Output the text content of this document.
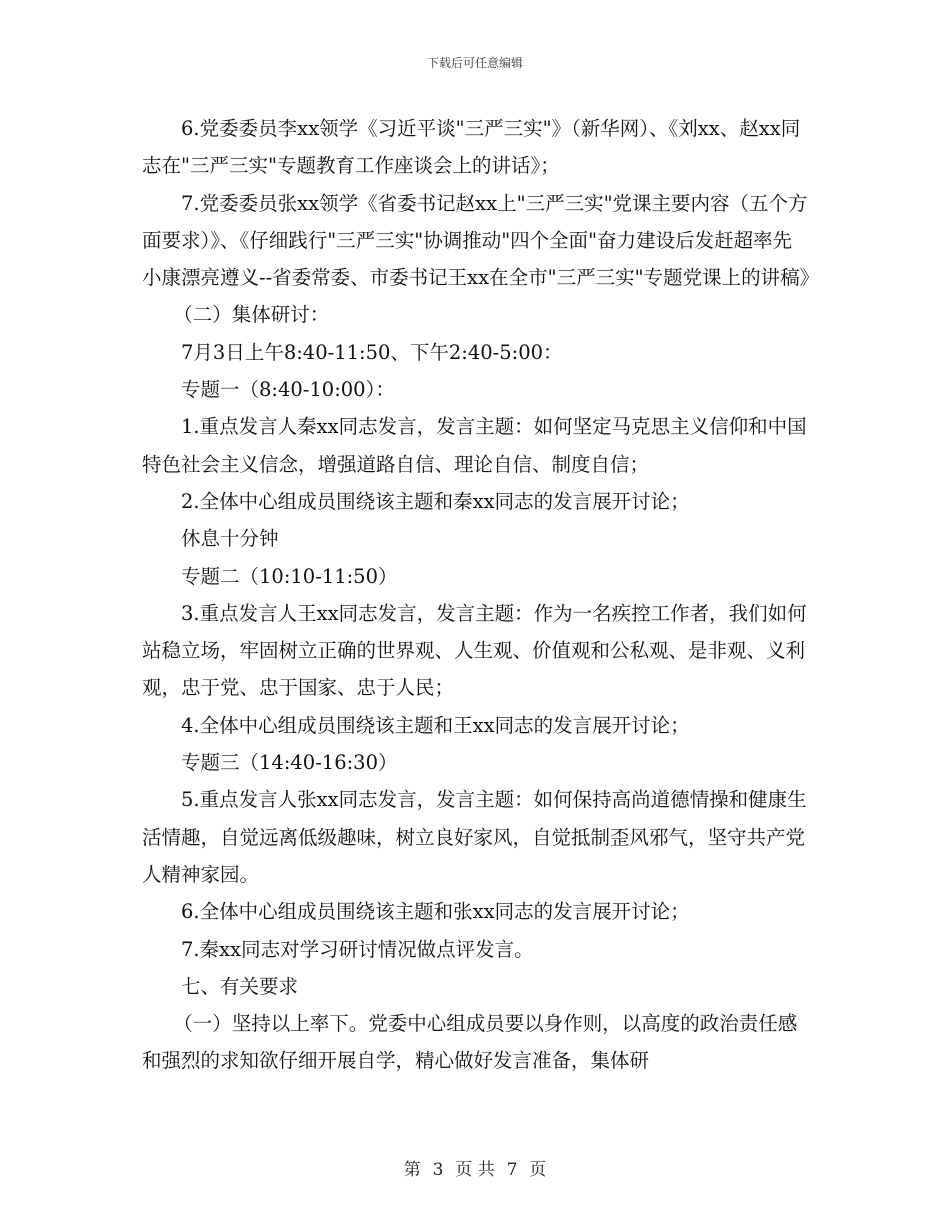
下载后可任意编辑

6.党委委员李xx领学《习近平谈"三严三实"》（新华网）、《刘xx、赵xx同志在"三严三实"专题教育工作座谈会上的讲话》；

7.党委委员张xx领学《省委书记赵xx上"三严三实"党课主要内容（五个方面要求）》、《仔细践行"三严三实"协调推动"四个全面"奋力建设后发赶超率先小康漂亮遵义--省委常委、市委书记王xx在全市"三严三实"专题党课上的讲稿》

（二）集体研讨：

7月3日上午8:40-11:50、下午2:40-5:00：

专题一（8:40-10:00）：

1.重点发言人秦xx同志发言，发言主题：如何坚定马克思主义信仰和中国特色社会主义信念，增强道路自信、理论自信、制度自信；

2.全体中心组成员围绕该主题和秦xx同志的发言展开讨论；

休息十分钟

专题二（10:10-11:50）

3.重点发言人王xx同志发言，发言主题：作为一名疾控工作者，我们如何站稳立场，牢固树立正确的世界观、人生观、价值观和公私观、是非观、义利观，忠于党、忠于国家、忠于人民；

4.全体中心组成员围绕该主题和王xx同志的发言展开讨论；

专题三（14:40-16:30）

5.重点发言人张xx同志发言，发言主题：如何保持高尚道德情操和健康生活情趣，自觉远离低级趣味，树立良好家风，自觉抵制歪风邪气，坚守共产党人精神家园。

6.全体中心组成员围绕该主题和张xx同志的发言展开讨论；

7.秦xx同志对学习研讨情况做点评发言。

七、有关要求

（一）坚持以上率下。党委中心组成员要以身作则，以高度的政治责任感和强烈的求知欲仔细开展自学，精心做好发言准备，集体研

第 3 页 共 7 页
